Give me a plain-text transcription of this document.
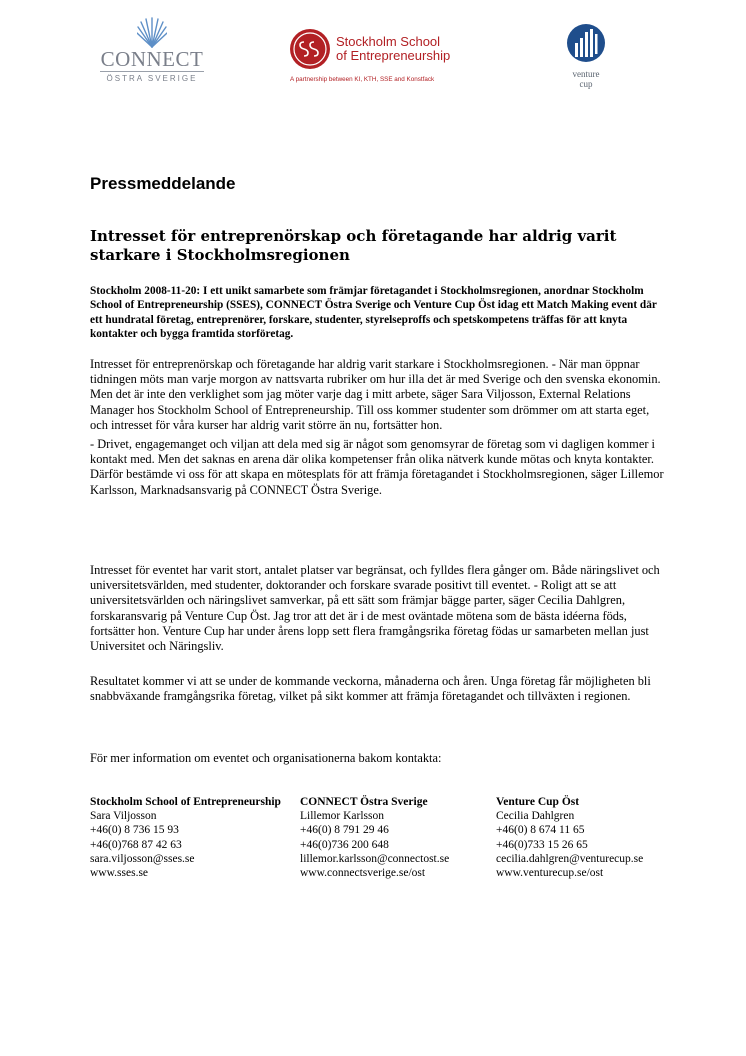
CONNECT
ÖSTRA SVERIGE
Stockholm School
of Entrepreneurship
A partnership between KI, KTH, SSE and Konstfack
venture
cup
Pressmeddelande
Intresset för entreprenörskap och företagande har aldrig varit starkare i Stockholmsregionen
Stockholm 2008-11-20: I ett unikt samarbete som främjar företagandet i Stockholmsregionen, anordnar Stockholm School of Entrepreneurship (SSES), CONNECT Östra Sverige och Venture Cup Öst idag ett Match Making event där ett hundratal företag, entreprenörer, forskare, studenter, styrelseproffs och spetskompetens träffas för att knyta kontakter och bygga framtida storföretag.
Intresset för entreprenörskap och företagande har aldrig varit starkare i Stockholmsregionen. - När man öppnar tidningen möts man varje morgon av nattsvarta rubriker om hur illa det är med Sverige och den svenska ekonomin. Men det är inte den verklighet som jag möter varje dag i mitt arbete, säger Sara Viljosson, External Relations Manager hos Stockholm School of Entrepreneurship. Till oss kommer studenter som drömmer om att starta eget, och intresset för våra kurser har aldrig varit större än nu, fortsätter hon.
- Drivet, engagemanget och viljan att dela med sig är något som genomsyrar de företag som vi dagligen kommer i kontakt med. Men det saknas en arena där olika kompetenser från olika nätverk kunde mötas och knyta kontakter. Därför bestämde vi oss för att skapa en mötesplats för att främja företagandet i Stockholmsregionen, säger Lillemor Karlsson, Marknadsansvarig på CONNECT Östra Sverige.
Intresset för eventet har varit stort, antalet platser var begränsat, och fylldes flera gånger om. Både näringslivet och universitetsvärlden, med studenter, doktorander och forskare svarade positivt till eventet. - Roligt att se att universitetsvärlden och näringslivet samverkar, på ett sätt som främjar bägge parter, säger Cecilia Dahlgren, forskaransvarig på Venture Cup Öst. Jag tror att det är i de mest oväntade mötena som de bästa idéerna föds, fortsätter hon. Venture Cup har under årens lopp sett flera framgångsrika företag födas ur samarbeten mellan just Universitet och Näringsliv.
Resultatet kommer vi att se under de kommande veckorna, månaderna och åren. Unga företag får möjligheten bli snabbväxande framgångsrika företag, vilket på sikt kommer att främja företagandet och tillväxten i regionen.
För mer information om eventet och organisationerna bakom kontakta:
Stockholm School of Entrepreneurship
Sara Viljosson
+46(0) 8 736 15 93
+46(0)768 87 42 63
sara.viljosson@sses.se
www.sses.se
CONNECT Östra Sverige
Lillemor Karlsson
+46(0) 8 791 29 46
+46(0)736 200 648
lillemor.karlsson@connectost.se
www.connectsverige.se/ost
Venture Cup Öst
Cecilia Dahlgren
+46(0) 8 674 11 65
+46(0)733 15 26 65
cecilia.dahlgren@venturecup.se
www.venturecup.se/ost
